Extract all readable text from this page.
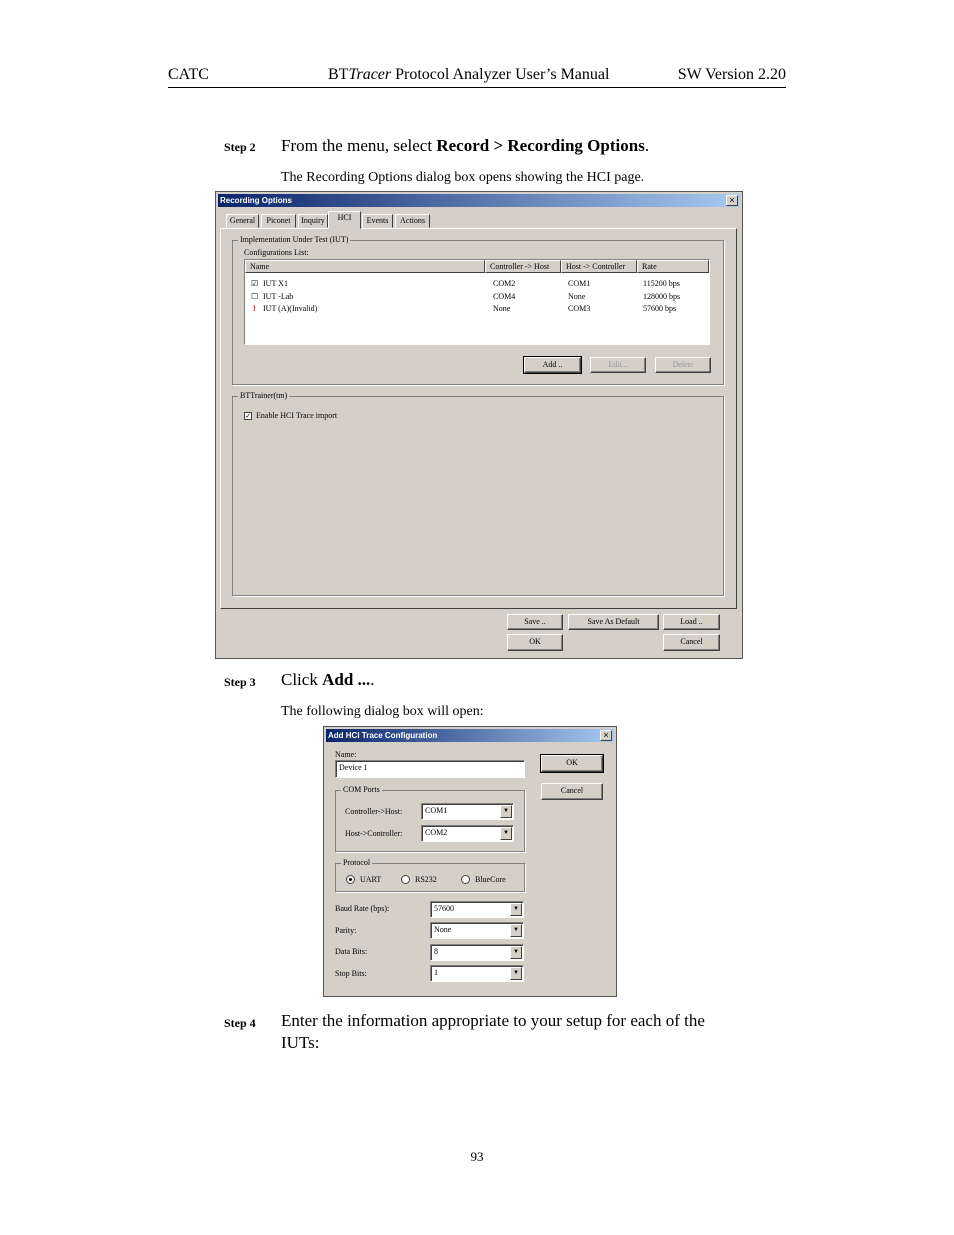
CATC	BTTracer Protocol Analyzer User’s Manual	SW Version 2.20
Step 2 From the menu, select Record > Recording Options.
The Recording Options dialog box opens showing the HCI page.
Recording Options	×
General	Piconet	Inquiry	HCI	Events	Actions
Implementation Under Test (IUT)
Configurations List:
Name	Controller -> Host	Host -> Controller	Rate
☑ IUT X1	COM2	COM1	115200 bps
☐ IUT -Lab	COM4	None	128000 bps
! IUT (A)(Invalid)	None	COM3	57600 bps
Add ..	Edit...	Delete
BTTrainer(tm)
✓ Enable HCI Trace import
Save ..	Save As Default	Load ..
OK	Cancel
Step 3 Click Add ....
The following dialog box will open:
Add HCI Trace Configuration	×
Name:
Device 1
OK
Cancel
COM Ports
Controller->Host:	COM1	▼
Host->Controller:	COM2	▼
Protocol
UART	RS232	BlueCore
Baud Rate (bps):	57600	▼
Parity:	None	▼
Data Bits:	8	▼
Stop Bits:	1	▼
Step 4 Enter the information appropriate to your setup for each of the IUTs:
93
